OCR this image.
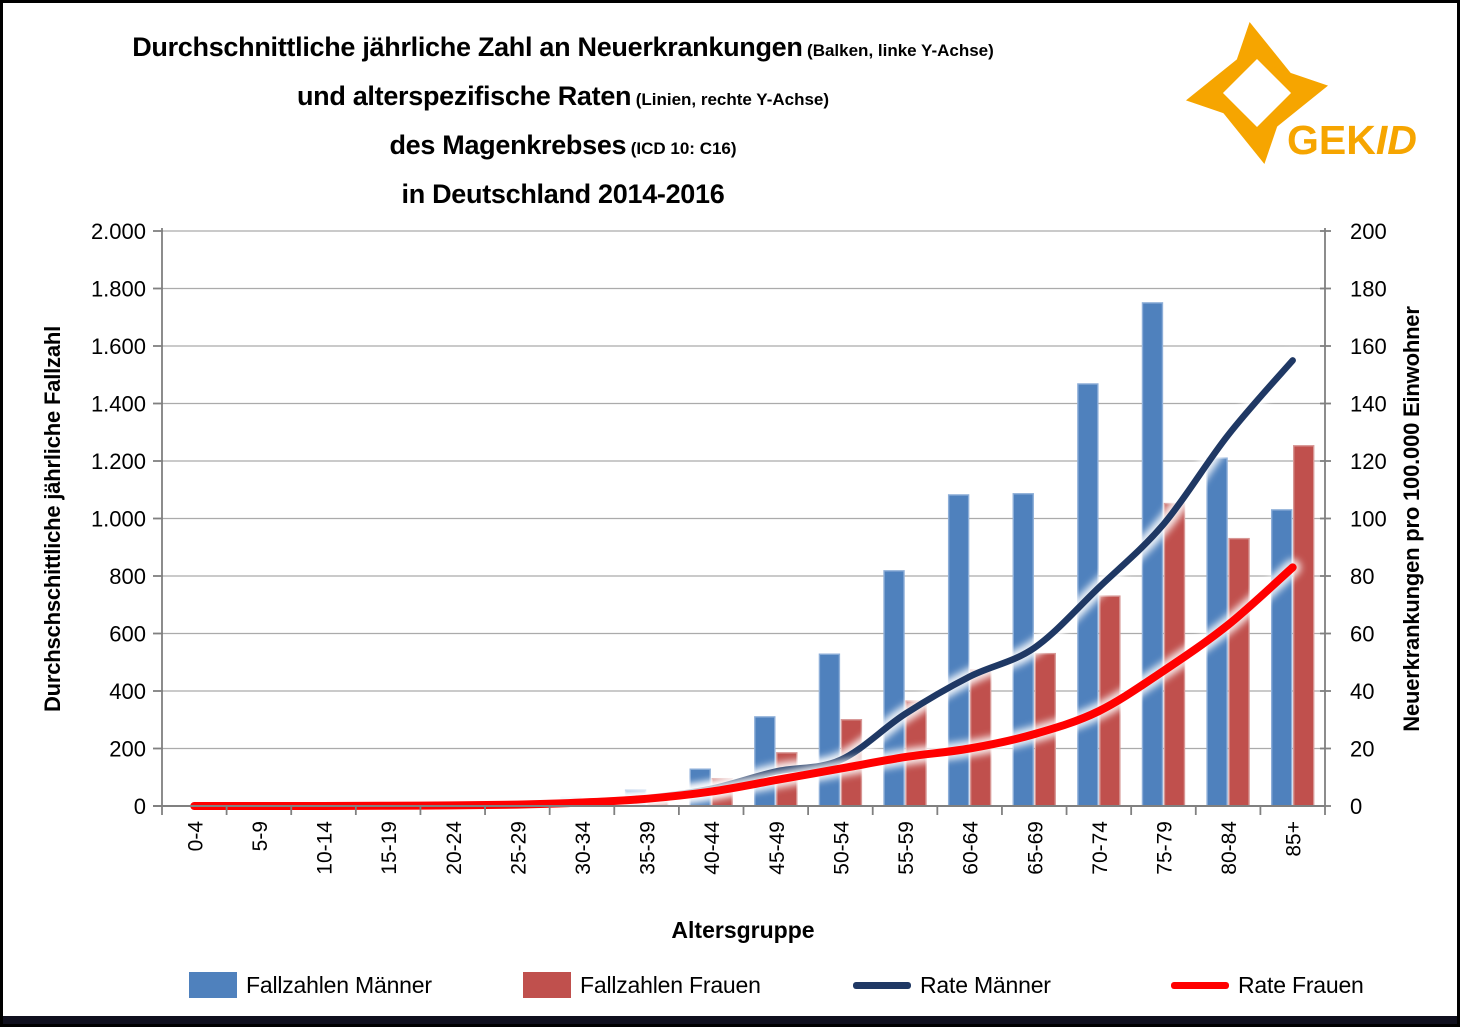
0
200
400
600
800
1.000
1.200
1.400
1.600
1.800
2.000
0
20
40
60
80
100
120
140
160
180
200
0-4 5-9 10-14 15-19 20-24 25-29 30-34 35-39 40-44 45-49 50-54 55-59 60-64 65-69 70-74 75-79 80-84 85+
Durchschnittliche jährliche Zahl an Neuerkrankungen (Balken, linke Y-Achse)
und alterspezifische Raten (Linien, rechte Y-Achse)
des Magenkrebses (ICD 10: C16)
in Deutschland 2014-2016
GEKID
Durchschschittliche jährliche Fallzahl	Neuerkrankungen pro 100.000 Einwohner
Altersgruppe
Fallzahlen Männer	Fallzahlen Frauen	Rate Männer	Rate Frauen
